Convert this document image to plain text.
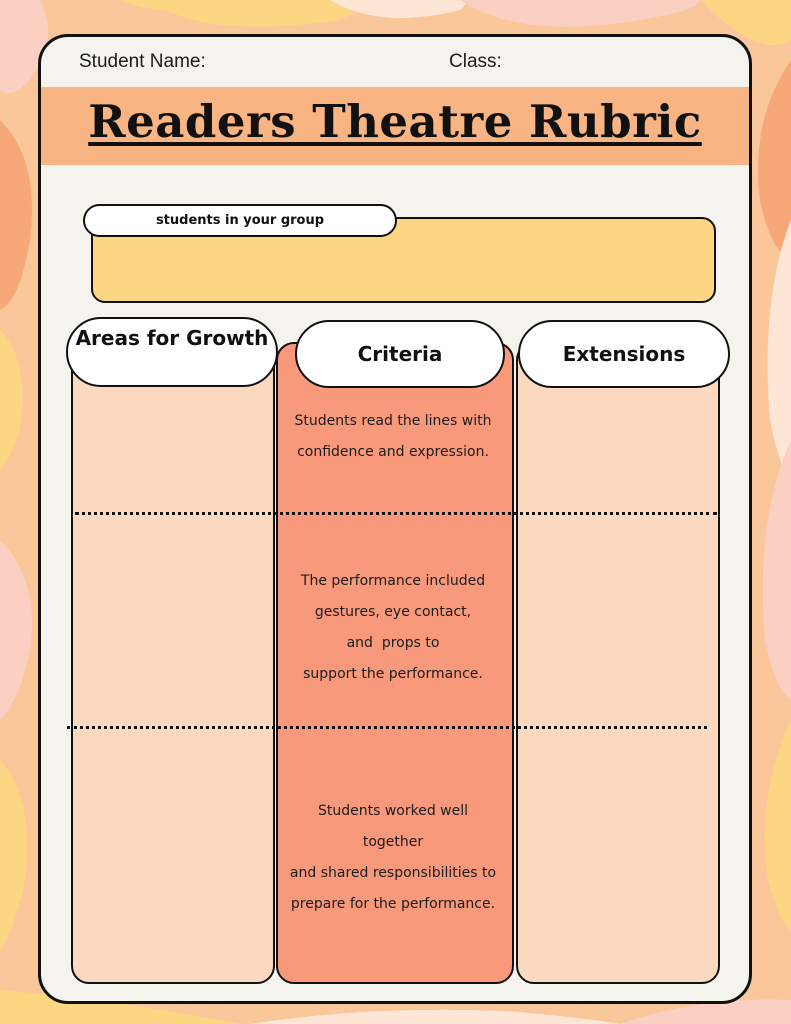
Student Name:	Class:
Readers Theatre Rubric
students in your group
Areas for Growth
Criteria	Extensions
Students read the lines with
confidence and expression.
The performance included
gestures, eye contact,
and  props to
support the performance.
Students worked well
together
and shared responsibilities to
prepare for the performance.
